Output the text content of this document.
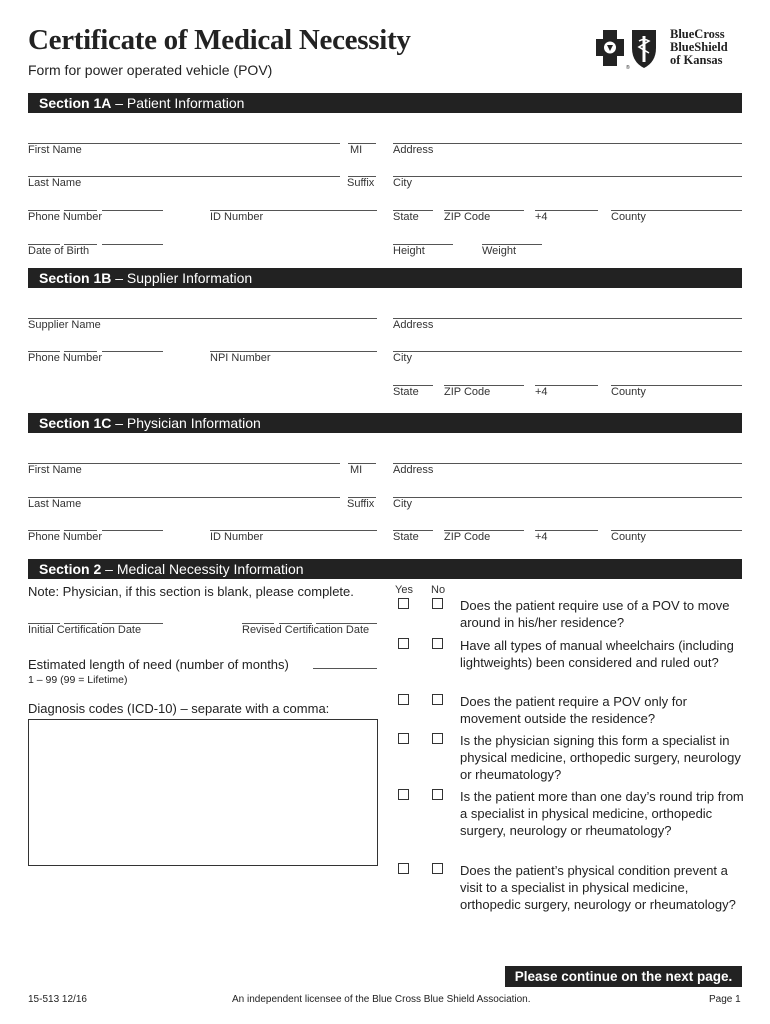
Certificate of Medical Necessity
Form for power operated vehicle (POV)	®
BlueCross
BlueShield
of Kansas
Section 1A – Patient Information
First Name	MI	Address
Last Name	Suffix City
Phone Number	ID Number	State ZIP Code	+4	County
Date of Birth	Height	Weight
Section 1B – Supplier Information
Supplier Name	Address
Phone Number	NPI Number	City
State ZIP Code	+4	County
Section 1C – Physician Information
First Name	MI	Address
Last Name	Suffix City
Phone Number	ID Number	State ZIP Code	+4	County
Section 2 – Medical Necessity Information
Note: Physician, if this section is blank, please complete.
Initial Certification Date	Revised Certification Date
Estimated length of need (number of months)
1 – 99 (99 = Lifetime)
Diagnosis codes (ICD-10) – separate with a comma:
Yes No
Does the patient require use of a POV to move around in his/her residence?
Have all types of manual wheelchairs (including lightweights) been considered and ruled out?
Does the patient require a POV only for movement outside the residence?
Is the physician signing this form a specialist in physical medicine, orthopedic surgery, neurology or rheumatology?
Is the patient more than one day’s round trip from a specialist in physical medicine, orthopedic surgery, neurology or rheumatology?
Does the patient’s physical condition prevent a visit to a specialist in physical medicine, orthopedic surgery, neurology or rheumatology?
Please continue on the next page.
15-513 12/16	An independent licensee of the Blue Cross Blue Shield Association.	Page 1
